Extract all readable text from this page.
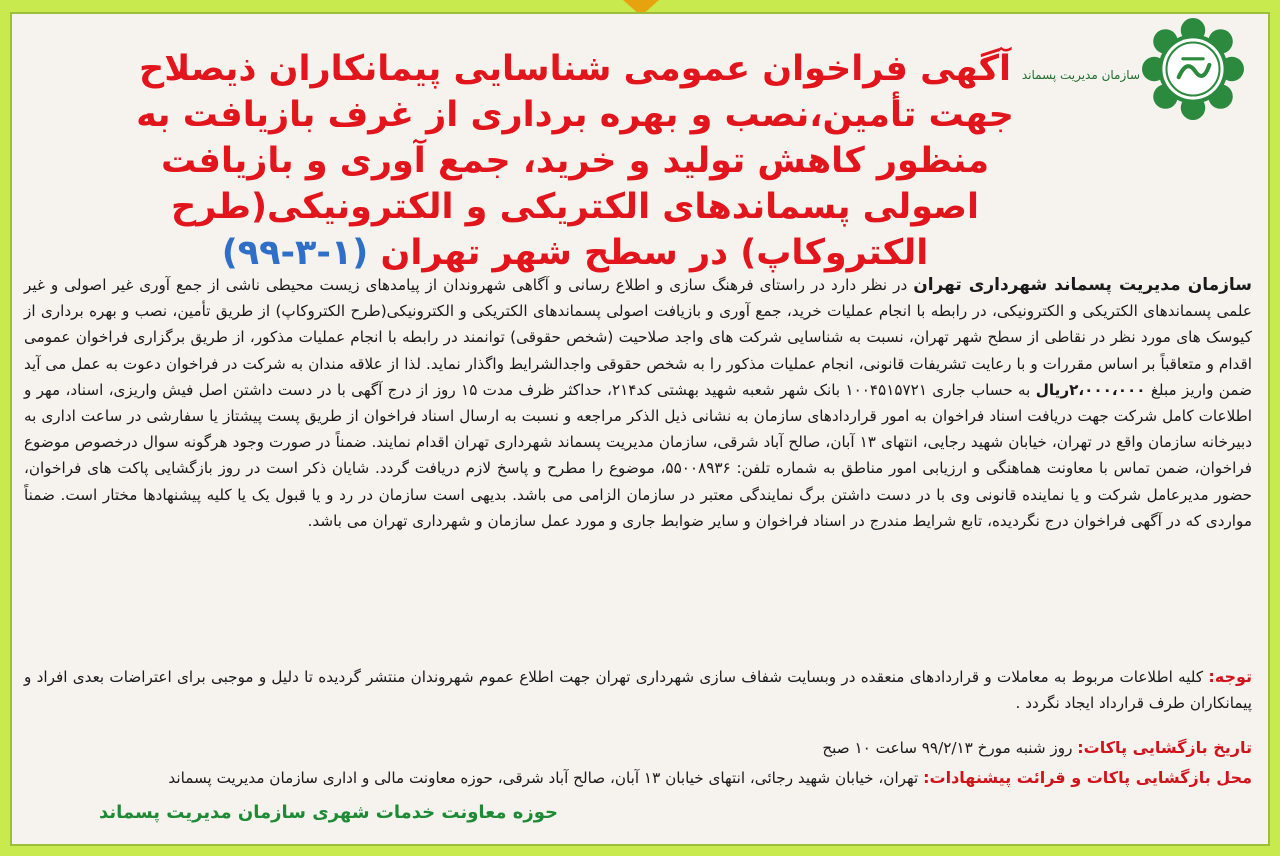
سازمان مدیریت پسماند
آگهی فراخوان عمومی شناسایی پیمانکاران ذیصلاح جهت تأمین،نصب و بهره برداری از غرف بازیافت به منظور کاهش تولید و خرید، جمع آوری و بازیافت اصولی پسماندهای الکتریکی و الکترونیکی(طرح الکتروکاپ) در سطح شهر تهران (۱-۳-۹۹)
سازمان مدیریت پسماند شهرداری تهران در نظر دارد در راستای فرهنگ سازی و اطلاع رسانی و آگاهی شهروندان از پیامدهای زیست محیطی ناشی از جمع آوری غیر اصولی و غیر علمی پسماندهای الکتریکی و الکترونیکی، در رابطه با انجام عملیات خرید، جمع آوری و بازیافت اصولی پسماندهای الکتریکی و الکترونیکی(طرح الکتروکاپ) از طریق تأمین، نصب و بهره برداری از کیوسک های مورد نظر در نقاطی از سطح شهر تهران، نسبت به شناسایی شرکت های واجد صلاحیت (شخص حقوقی) توانمند در رابطه با انجام عملیات مذکور، از طریق برگزاری فراخوان عمومی اقدام و متعاقباً بر اساس مقررات و با رعایت تشریفات قانونی، انجام عملیات مذکور را به شخص حقوقی واجدالشرایط واگذار نماید. لذا از علاقه مندان به شرکت در فراخوان دعوت به عمل می آید ضمن واریز مبلغ ۲،۰۰۰،۰۰۰ریال به حساب جاری ۱۰۰۴۵۱۵۷۲۱ بانک شهر شعبه شهید بهشتی کد۲۱۴، حداکثر ظرف مدت ۱۵ روز از درج آگهی با در دست داشتن اصل فیش واریزی، اسناد، مهر و اطلاعات کامل شرکت جهت دریافت اسناد فراخوان به امور قراردادهای سازمان به نشانی ذیل الذکر مراجعه و نسبت به ارسال اسناد فراخوان از طریق پست پیشتاز یا سفارشی در ساعت اداری به دبیرخانه سازمان واقع در تهران، خیابان شهید رجایی، انتهای ۱۳ آبان، صالح آباد شرقی، سازمان مدیریت پسماند شهرداری تهران اقدام نمایند. ضمناً در صورت وجود هرگونه سوال درخصوص موضوع فراخوان، ضمن تماس با معاونت هماهنگی و ارزیابی امور مناطق به شماره تلفن: ۵۵۰۰۸۹۳۶، موضوع را مطرح و پاسخ لازم دریافت گردد. شایان ذکر است در روز بازگشایی پاکت های فراخوان، حضور مدیرعامل شرکت و یا نماینده قانونی وی با در دست داشتن برگ نمایندگی معتبر در سازمان الزامی می باشد. بدیهی است سازمان در رد و یا قبول یک یا کلیه پیشنهادها مختار است. ضمناً مواردی که در آگهی فراخوان درج نگردیده، تابع شرایط مندرج در اسناد فراخوان و سایر ضوابط جاری و مورد عمل سازمان و شهرداری تهران می باشد.
توجه: کلیه اطلاعات مربوط به معاملات و قراردادهای منعقده در وبسایت شفاف سازی شهرداری تهران جهت اطلاع عموم شهروندان منتشر گردیده تا دلیل و موجبی برای اعتراضات بعدی افراد و پیمانکاران طرف قرارداد ایجاد نگردد .
تاریخ بازگشایی پاکات: روز شنبه مورخ ۹۹/۲/۱۳ ساعت ۱۰ صبح
محل بازگشایی پاکات و قرائت پیشنهادات: تهران، خیابان شهید رجائی، انتهای خیابان ۱۳ آبان، صالح آباد شرقی، حوزه معاونت مالی و اداری سازمان مدیریت پسماند
حوزه معاونت خدمات شهری سازمان مدیریت پسماند
